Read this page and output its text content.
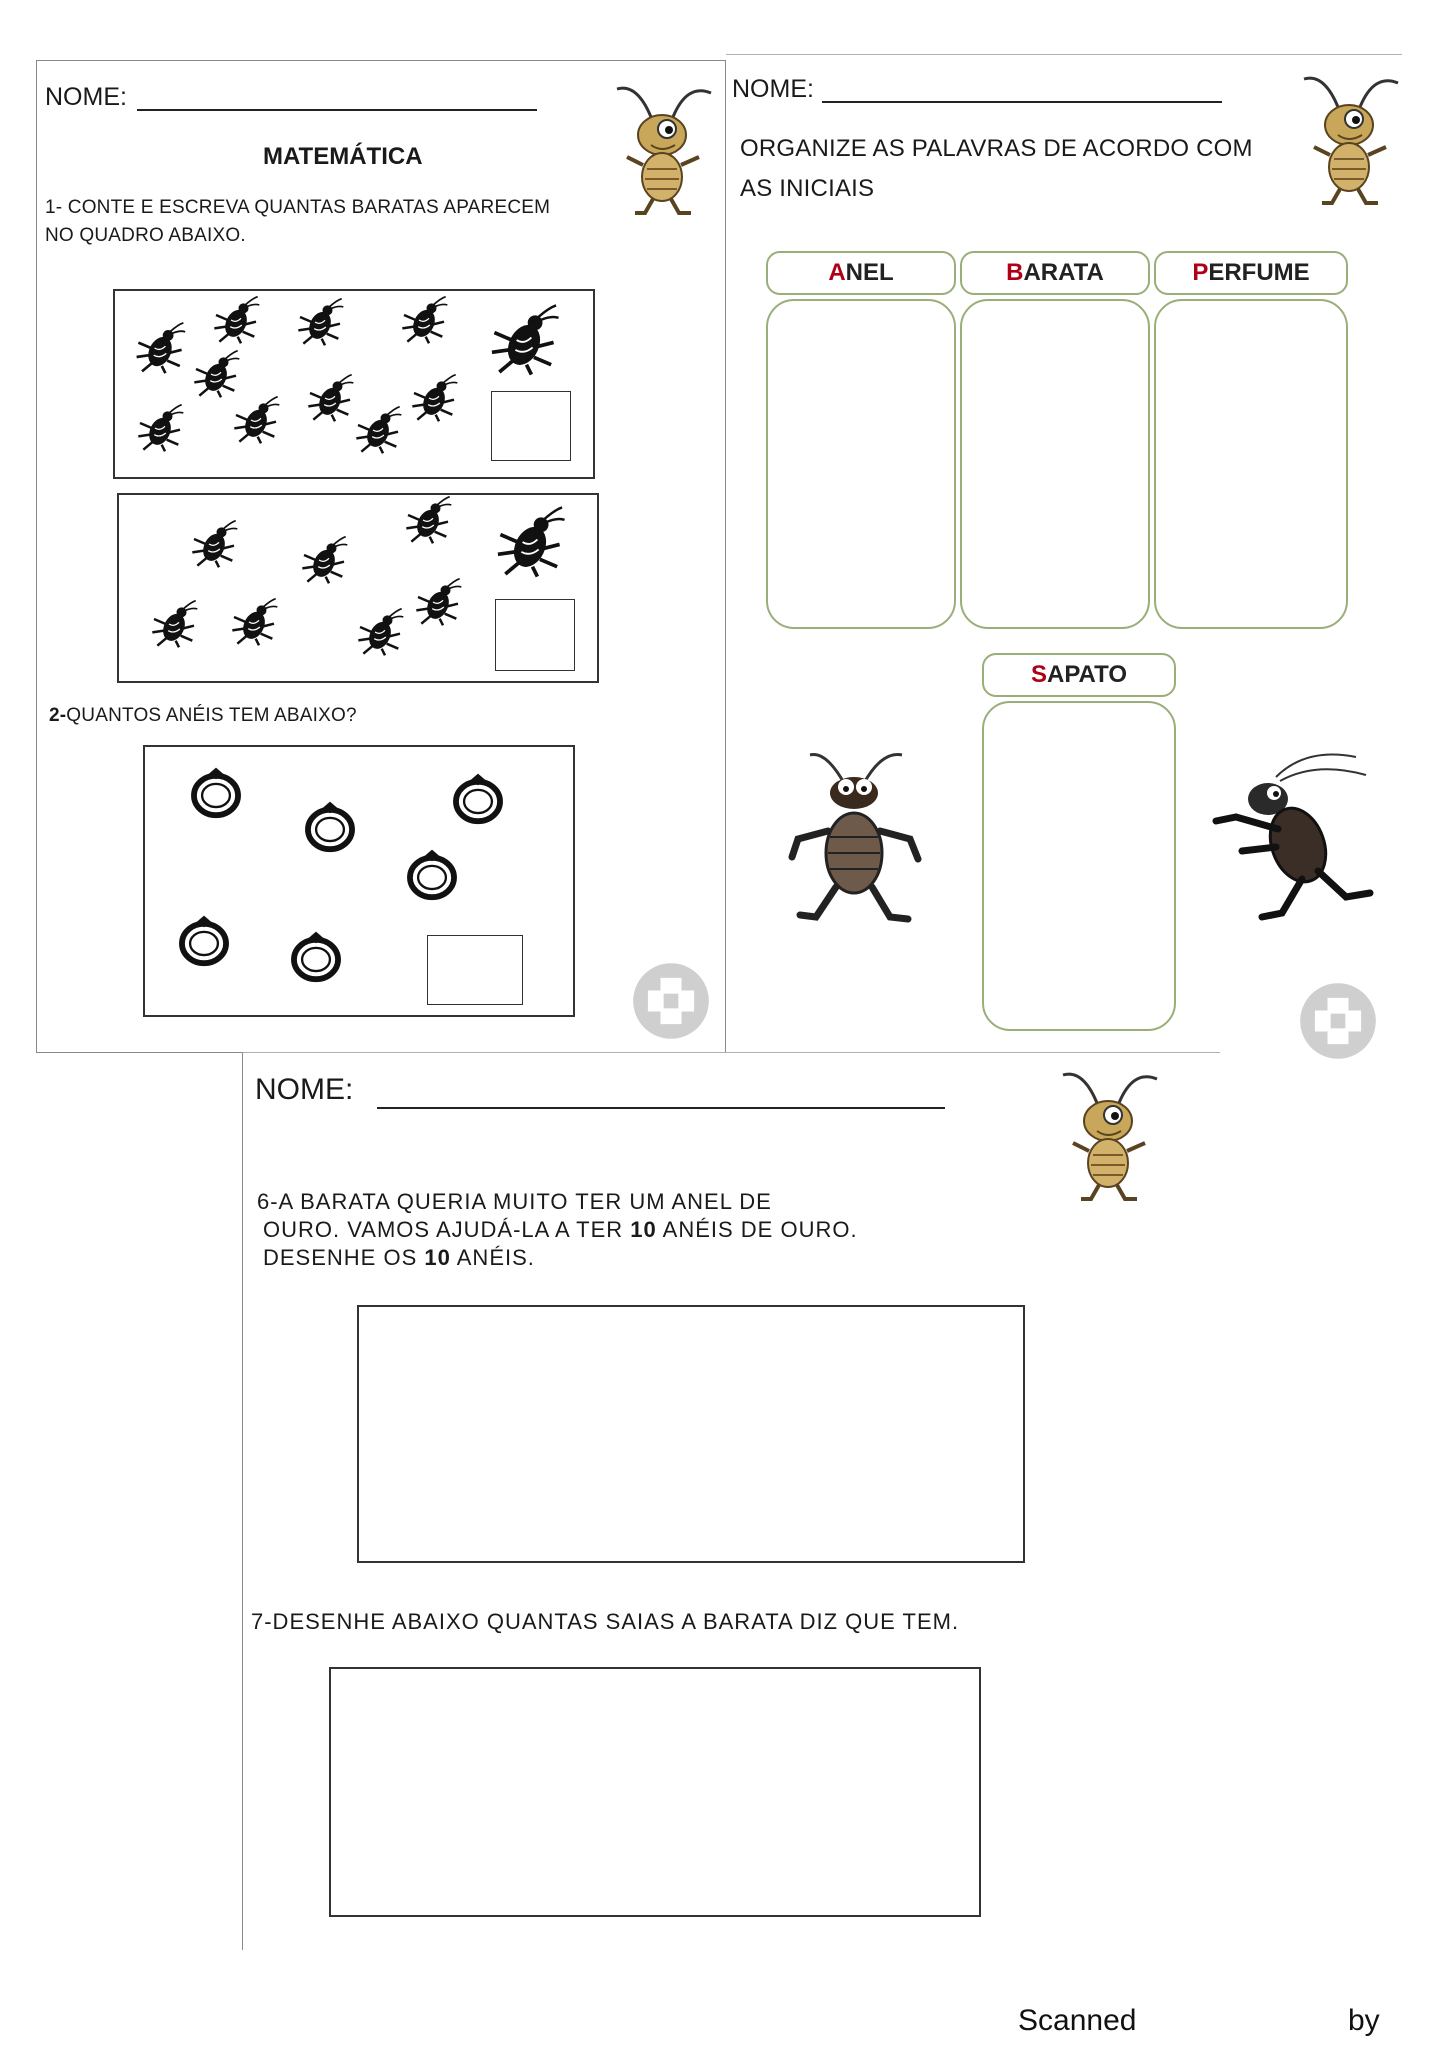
NOME:
MATEMÁTICA
1- CONTE E ESCREVA QUANTAS BARATAS APARECEM
NO QUADRO ABAIXO.
2-QUANTOS ANÉIS TEM ABAIXO?
NOME:
ORGANIZE AS PALAVRAS DE ACORDO COM
AS INICIAIS
ANEL	BARATA	PERFUME
SAPATO
NOME:
6-A BARATA QUERIA MUITO TER UM ANEL DE
OURO. VAMOS AJUDÁ-LA A TER 10 ANÉIS DE OURO.
DESENHE OS 10 ANÉIS.
7-DESENHE ABAIXO QUANTAS SAIAS A BARATA DIZ QUE TEM.
Scanned	by
